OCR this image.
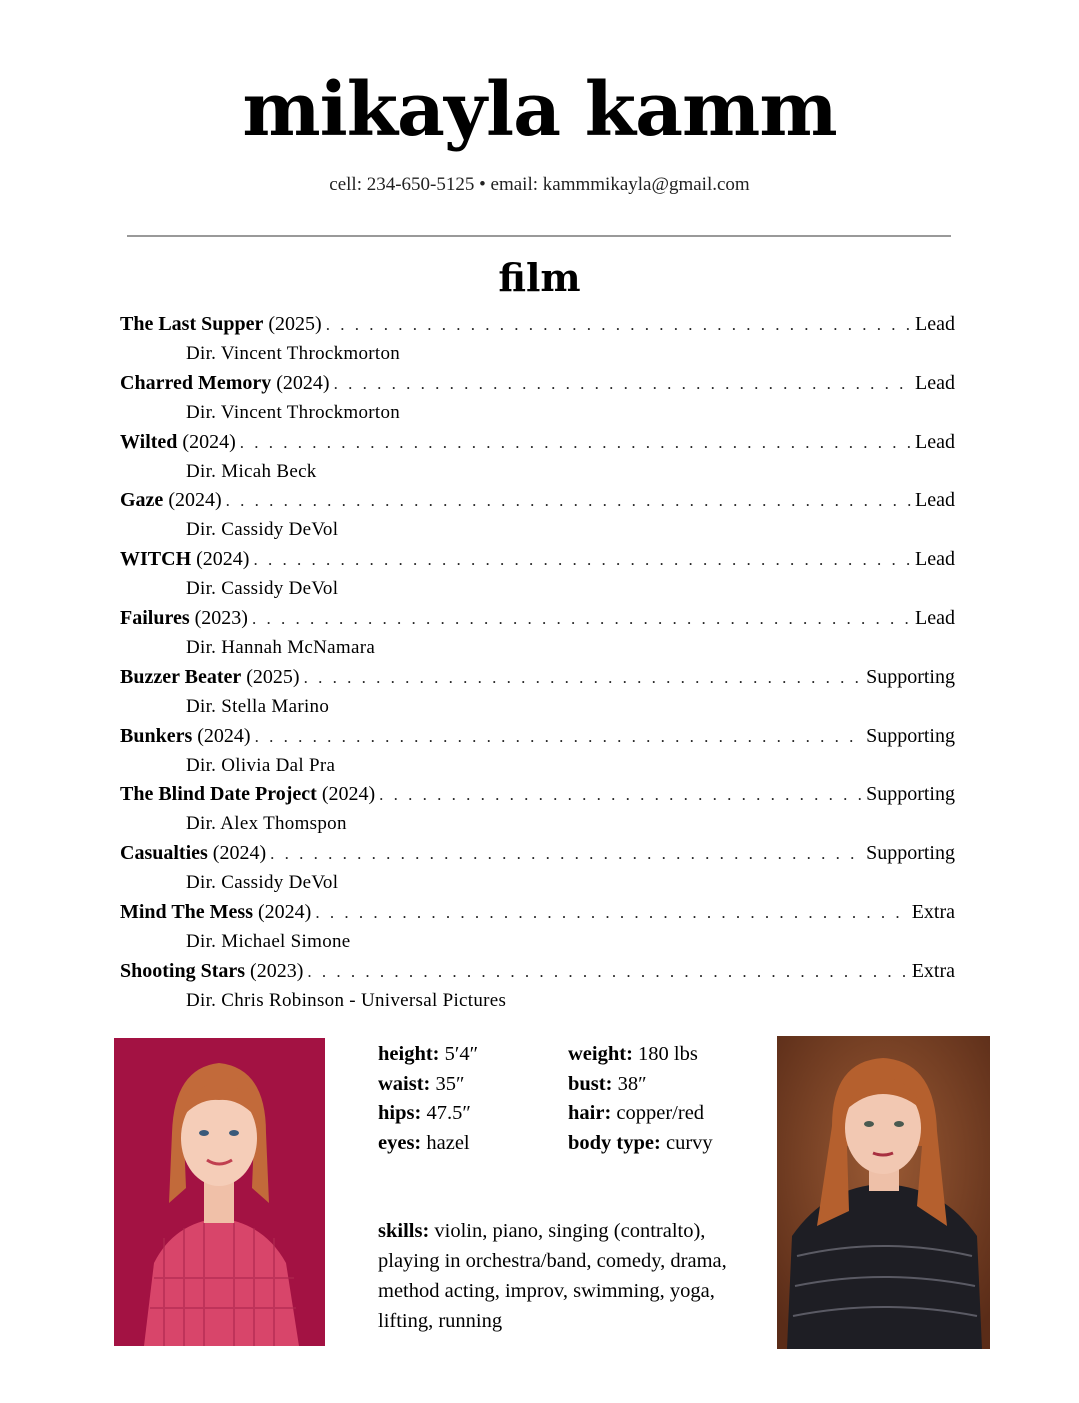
mikayla kamm
cell: 234-650-5125 • email: kammmikayla@gmail.com
film
The Last Supper (2025) . . .	Lead
Dir. Vincent Throckmorton
Charred Memory (2024) . . .	Lead
Dir. Vincent Throckmorton
Wilted (2024) . . .	Lead
Dir. Micah Beck
Gaze (2024) . . .	Lead
Dir. Cassidy DeVol
WITCH (2024) . . .	Lead
Dir. Cassidy DeVol
Failures (2023) . . .	Lead
Dir. Hannah McNamara
Buzzer Beater (2025) . . .	Supporting
Dir. Stella Marino
Bunkers (2024) . . .	Supporting
Dir. Olivia Dal Pra
The Blind Date Project (2024) . . .	Supporting
Dir. Alex Thomspon
Casualties (2024) . . .	Supporting
Dir. Cassidy DeVol
Mind The Mess (2024) . . .	Extra
Dir. Michael Simone
Shooting Stars (2023) . . .	Extra
Dir. Chris Robinson - Universal Pictures
height: 5′4″	weight: 180 lbs
waist: 35″	bust: 38″
hips: 47.5″	hair: copper/red
eyes: hazel	body type: curvy
skills: violin, piano, singing (contralto), playing in orchestra/band, comedy, drama, method acting, improv, swimming, yoga, lifting, running
